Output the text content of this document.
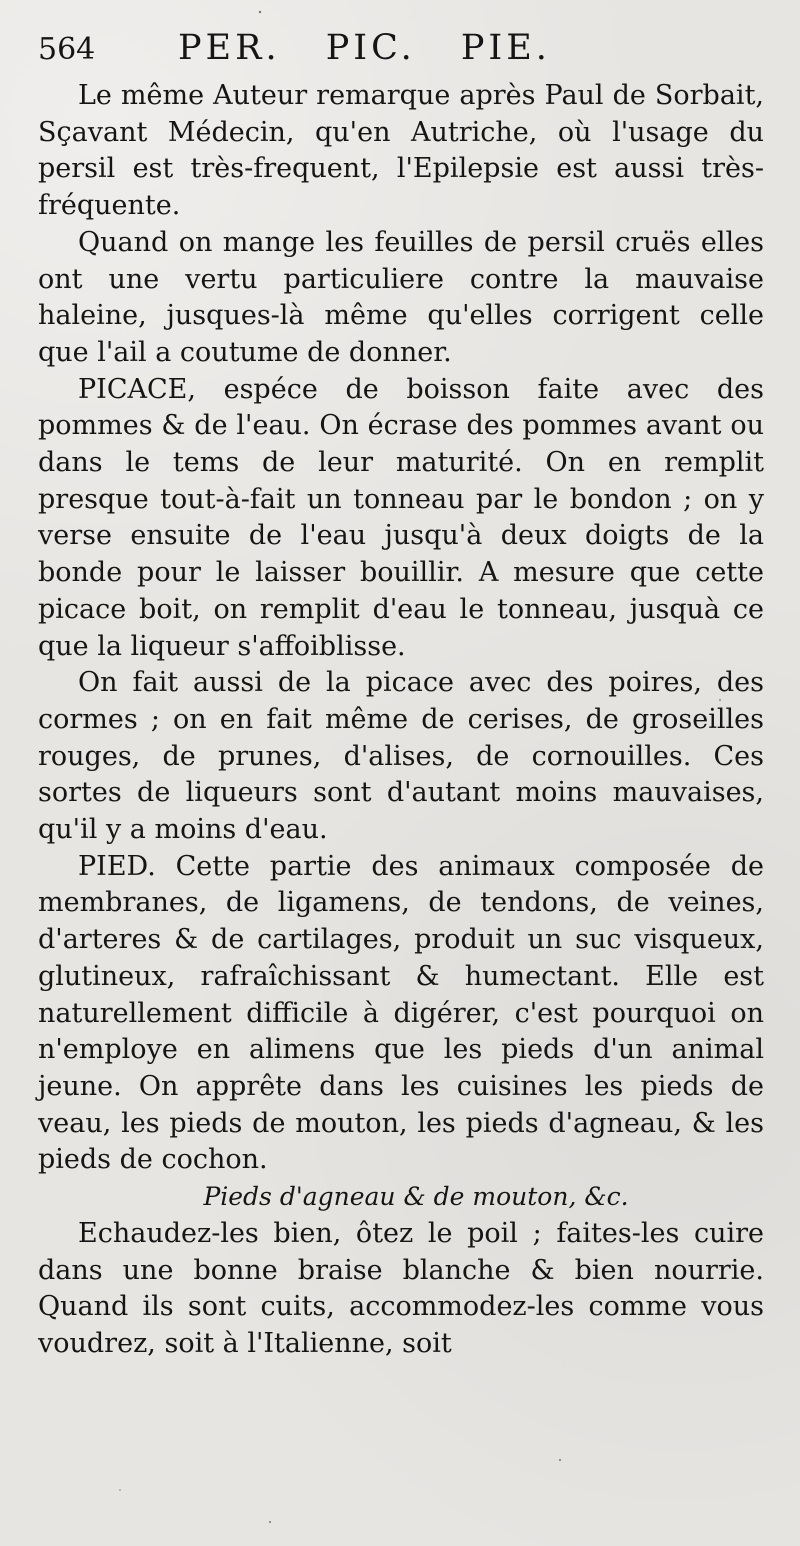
564	PER. PIC. PIE.

Le même Auteur remarque après Paul de Sorbait, Sçavant Médecin, qu'en Autriche, où l'usage du persil est très-frequent, l'Epilepsie est aussi très-fréquente.

Quand on mange les feuilles de persil cruës elles ont une vertu particuliere contre la mauvaise haleine, jusques-là même qu'elles corrigent celle que l'ail a coutume de donner.

PICACE, espéce de boisson faite avec des pommes & de l'eau. On écrase des pommes avant ou dans le tems de leur maturité. On en remplit presque tout-à-fait un tonneau par le bondon ; on y verse ensuite de l'eau jusqu'à deux doigts de la bonde pour le laisser bouillir. A mesure que cette picace boit, on remplit d'eau le tonneau, jusquà ce que la liqueur s'affoiblisse.

On fait aussi de la picace avec des poires, des cormes ; on en fait même de cerises, de groseilles rouges, de prunes, d'alises, de cornouilles. Ces sortes de liqueurs sont d'autant moins mauvaises, qu'il y a moins d'eau.

PIED. Cette partie des animaux composée de membranes, de ligamens, de tendons, de veines, d'arteres & de cartilages, produit un suc visqueux, glutineux, rafraîchissant & humectant. Elle est naturellement difficile à digérer, c'est pourquoi on n'employe en alimens que les pieds d'un animal jeune. On apprête dans les cuisines les pieds de veau, les pieds de mouton, les pieds d'agneau, & les pieds de cochon.

Pieds d'agneau & de mouton, &c.

Echaudez-les bien, ôtez le poil ; faites-les cuire dans une bonne braise blanche & bien nourrie. Quand ils sont cuits, accommodez-les comme vous voudrez, soit à l'Italienne, soit
